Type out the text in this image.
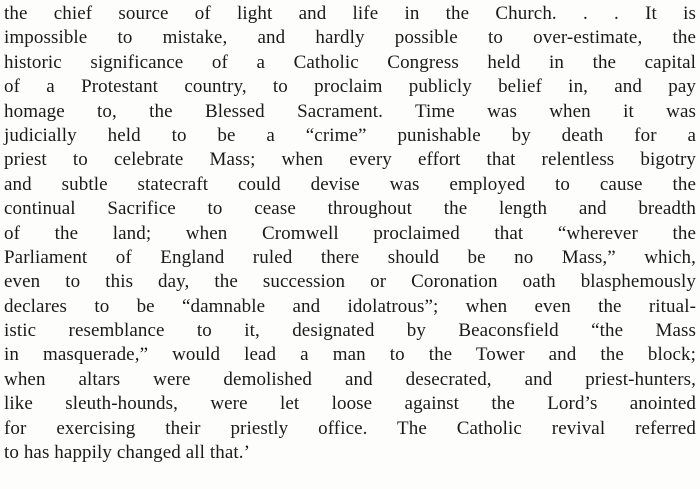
the chief source of light and life in the Church. . . It is
impossible to mistake, and hardly possible to over-estimate, the
historic significance of a Catholic Congress held in the capital
of a Protestant country, to proclaim publicly belief in, and pay
homage to, the Blessed Sacrament. Time was when it was
judicially held to be a “crime” punishable by death for a
priest to celebrate Mass; when every effort that relentless bigotry
and subtle statecraft could devise was employed to cause the
continual Sacrifice to cease throughout the length and breadth
of the land; when Cromwell proclaimed that “wherever the
Parliament of England ruled there should be no Mass,” which,
even to this day, the succession or Coronation oath blasphemously
declares to be “damnable and idolatrous”; when even the ritual-
istic resemblance to it, designated by Beaconsfield “the Mass
in masquerade,” would lead a man to the Tower and the block;
when altars were demolished and desecrated, and priest-hunters,
like sleuth-hounds, were let loose against the Lord’s anointed
for exercising their priestly office. The Catholic revival referred
to has happily changed all that.’
